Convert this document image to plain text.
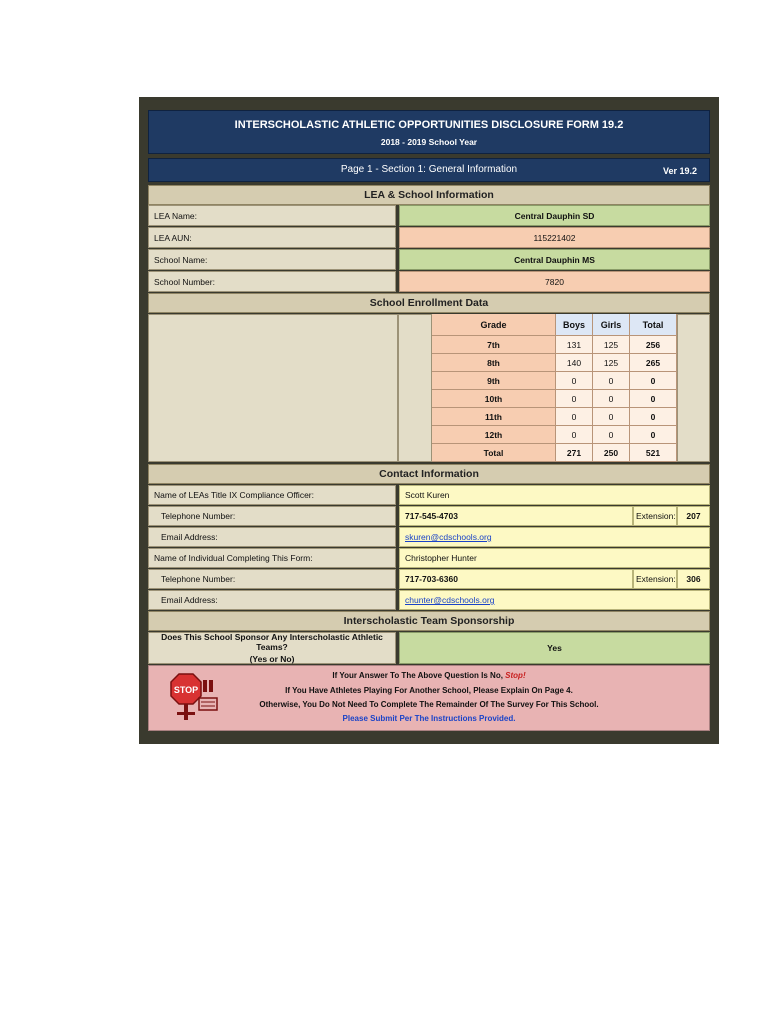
INTERSCHOLASTIC ATHLETIC OPPORTUNITIES DISCLOSURE FORM 19.2
2018 - 2019 School Year
Page 1 - Section 1: General Information	Ver 19.2
LEA & School Information
LEA Name:	Central Dauphin SD
LEA AUN:	115221402
School Name:	Central Dauphin MS
School Number:	7820
School Enrollment Data
Grade	Boys	Girls	Total
7th	131	125	256
8th	140	125	265
9th	0	0	0
10th	0	0	0
11th	0	0	0
12th	0	0	0
Total	271	250	521
Contact Information
Name of LEAs Title IX Compliance Officer:	Scott Kuren
Telephone Number:	717-545-4703	Extension:	207
Email Address:	skuren@cdschools.org
Name of Individual Completing This Form:	Christopher Hunter
Telephone Number:	717-703-6360	Extension:	306
Email Address:	chunter@cdschools.org
Interscholastic Team Sponsorship
Does This School Sponsor Any Interscholastic Athletic Teams?
(Yes or No)
Yes
STOP
If Your Answer To The Above Question Is No, Stop!
If You Have Athletes Playing For Another School, Please Explain On Page 4.
Otherwise, You Do Not Need To Complete The Remainder Of The Survey For This School.
Please Submit Per The Instructions Provided.
